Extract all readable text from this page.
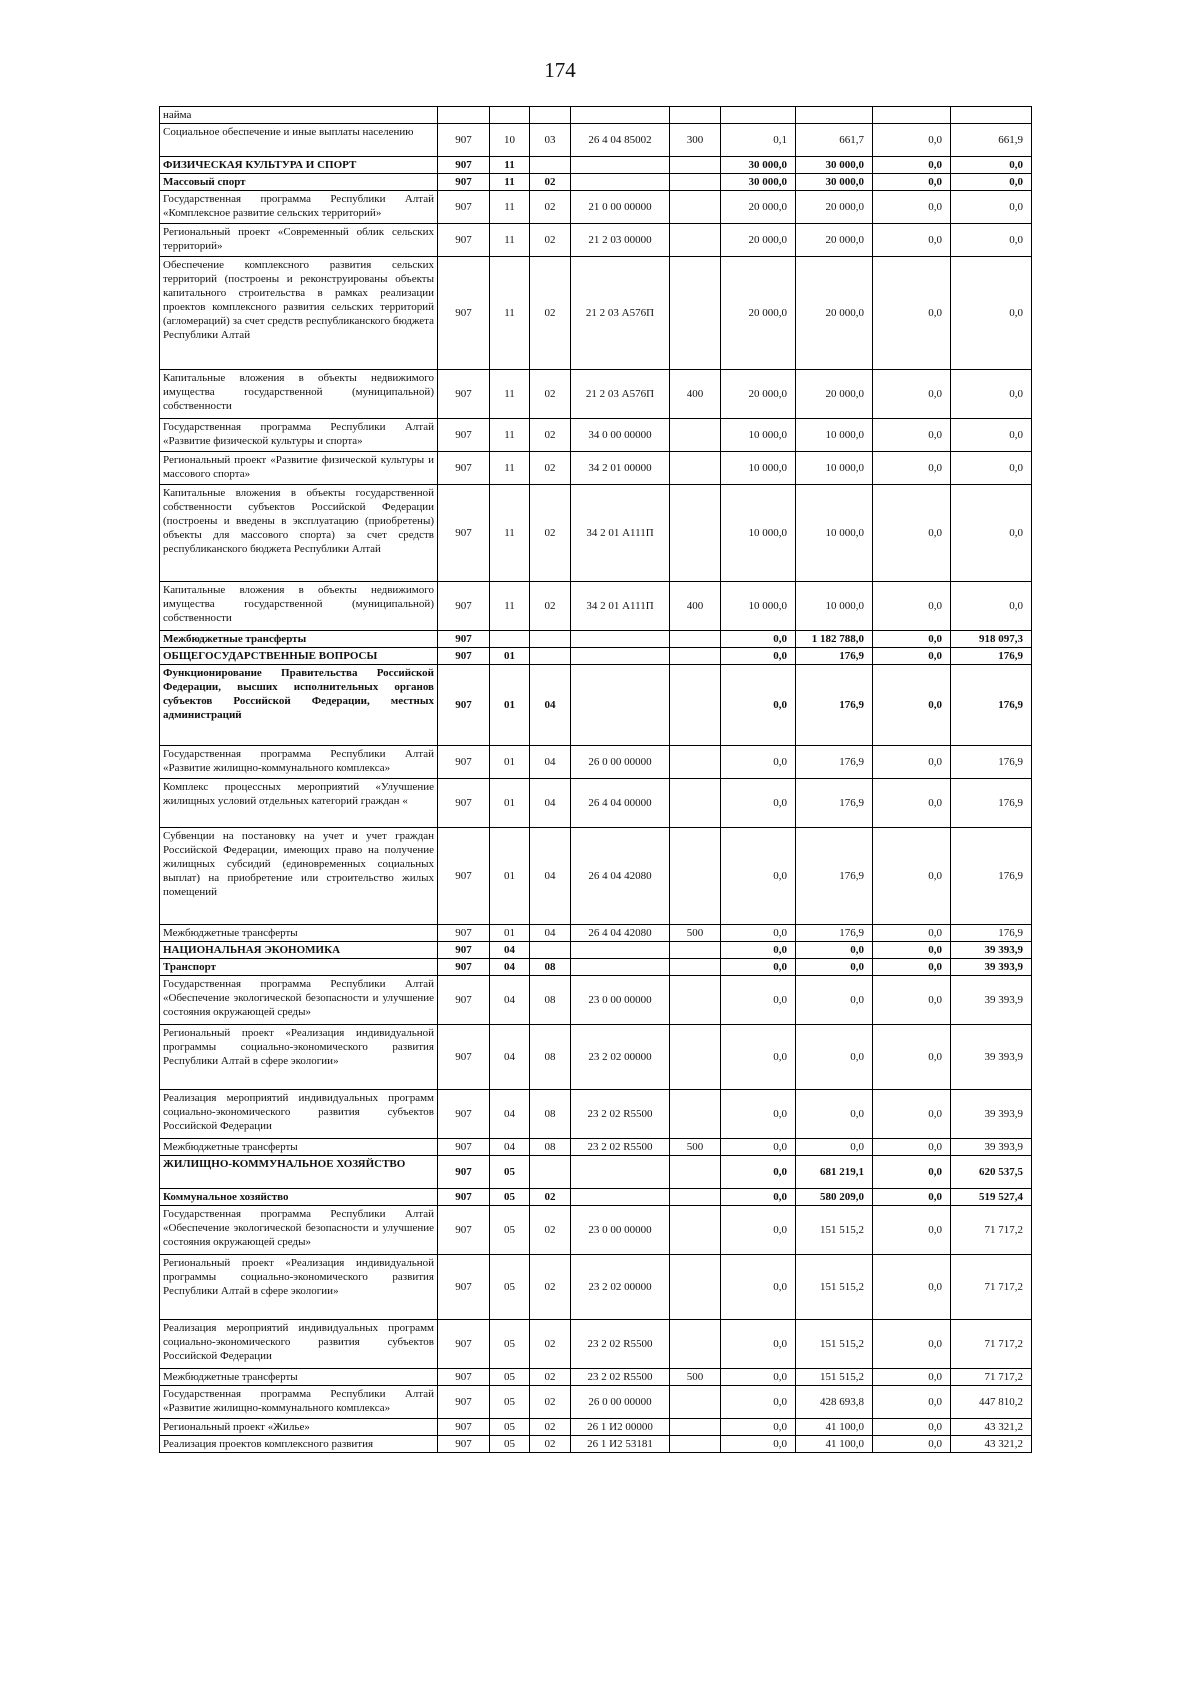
174
найма									
Социальное обеспечение и иные выплаты населению	907	10	03	26 4 04 85002	300	0,1	661,7	0,0	661,9
ФИЗИЧЕСКАЯ КУЛЬТУРА И СПОРТ	907	11				30 000,0	30 000,0	0,0	0,0
Массовый спорт	907	11	02			30 000,0	30 000,0	0,0	0,0
Государственная программа Республики Алтай «Комплексное развитие сельских территорий»	907	11	02	21 0 00 00000		20 000,0	20 000,0	0,0	0,0
Региональный проект «Современный облик сельских территорий»	907	11	02	21 2 03 00000		20 000,0	20 000,0	0,0	0,0
Обеспечение комплексного развития сельских территорий (построены и реконструированы объекты капитального строительства в рамках реализации проектов комплексного развития сельских территорий (агломераций) за счет средств республиканского бюджета Республики Алтай	907	11	02	21 2 03 А576П		20 000,0	20 000,0	0,0	0,0
Капитальные вложения в объекты недвижимого имущества государственной (муниципальной) собственности	907	11	02	21 2 03 А576П	400	20 000,0	20 000,0	0,0	0,0
Государственная программа Республики Алтай «Развитие физической культуры и спорта»	907	11	02	34 0 00 00000		10 000,0	10 000,0	0,0	0,0
Региональный проект «Развитие физической культуры и массового спорта»	907	11	02	34 2 01 00000		10 000,0	10 000,0	0,0	0,0
Капитальные вложения в объекты государственной собственности субъектов Российской Федерации (построены и введены в эксплуатацию (приобретены) объекты для массового спорта) за счет средств республиканского бюджета Республики Алтай	907	11	02	34 2 01 А111П		10 000,0	10 000,0	0,0	0,0
Капитальные вложения в объекты недвижимого имущества государственной (муниципальной) собственности	907	11	02	34 2 01 А111П	400	10 000,0	10 000,0	0,0	0,0
Межбюджетные трансферты	907					0,0	1 182 788,0	0,0	918 097,3
ОБЩЕГОСУДАРСТВЕННЫЕ ВОПРОСЫ	907	01				0,0	176,9	0,0	176,9
Функционирование Правительства Российской Федерации, высших исполнительных органов субъектов Российской Федерации, местных администраций	907	01	04			0,0	176,9	0,0	176,9
Государственная программа Республики Алтай «Развитие жилищно-коммунального комплекса»	907	01	04	26 0 00 00000		0,0	176,9	0,0	176,9
Комплекс процессных мероприятий «Улучшение жилищных условий отдельных категорий граждан «	907	01	04	26 4 04 00000		0,0	176,9	0,0	176,9
Субвенции на постановку на учет и учет граждан Российской Федерации, имеющих право на получение жилищных субсидий (единовременных социальных выплат) на приобретение или строительство жилых помещений	907	01	04	26 4 04 42080		0,0	176,9	0,0	176,9
Межбюджетные трансферты	907	01	04	26 4 04 42080	500	0,0	176,9	0,0	176,9
НАЦИОНАЛЬНАЯ ЭКОНОМИКА	907	04				0,0	0,0	0,0	39 393,9
Транспорт	907	04	08			0,0	0,0	0,0	39 393,9
Государственная программа Республики Алтай «Обеспечение экологической безопасности и улучшение состояния окружающей среды»	907	04	08	23 0 00 00000		0,0	0,0	0,0	39 393,9
Региональный проект «Реализация индивидуальной программы социально-экономического развития Республики Алтай в сфере экологии»	907	04	08	23 2 02 00000		0,0	0,0	0,0	39 393,9
Реализация мероприятий индивидуальных программ социально-экономического развития субъектов Российской Федерации	907	04	08	23 2 02 R5500		0,0	0,0	0,0	39 393,9
Межбюджетные трансферты	907	04	08	23 2 02 R5500	500	0,0	0,0	0,0	39 393,9
ЖИЛИЩНО-КОММУНАЛЬНОЕ ХОЗЯЙСТВО	907	05				0,0	681 219,1	0,0	620 537,5
Коммунальное хозяйство	907	05	02			0,0	580 209,0	0,0	519 527,4
Государственная программа Республики Алтай «Обеспечение экологической безопасности и улучшение состояния окружающей среды»	907	05	02	23 0 00 00000		0,0	151 515,2	0,0	71 717,2
Региональный проект «Реализация индивидуальной программы социально-экономического развития Республики Алтай в сфере экологии»	907	05	02	23 2 02 00000		0,0	151 515,2	0,0	71 717,2
Реализация мероприятий индивидуальных программ социально-экономического развития субъектов Российской Федерации	907	05	02	23 2 02 R5500		0,0	151 515,2	0,0	71 717,2
Межбюджетные трансферты	907	05	02	23 2 02 R5500	500	0,0	151 515,2	0,0	71 717,2
Государственная программа Республики Алтай «Развитие жилищно-коммунального комплекса»	907	05	02	26 0 00 00000		0,0	428 693,8	0,0	447 810,2
Региональный проект «Жилье»	907	05	02	26 1 И2 00000		0,0	41 100,0	0,0	43 321,2
Реализация проектов комплексного развития	907	05	02	26 1 И2 53181		0,0	41 100,0	0,0	43 321,2
